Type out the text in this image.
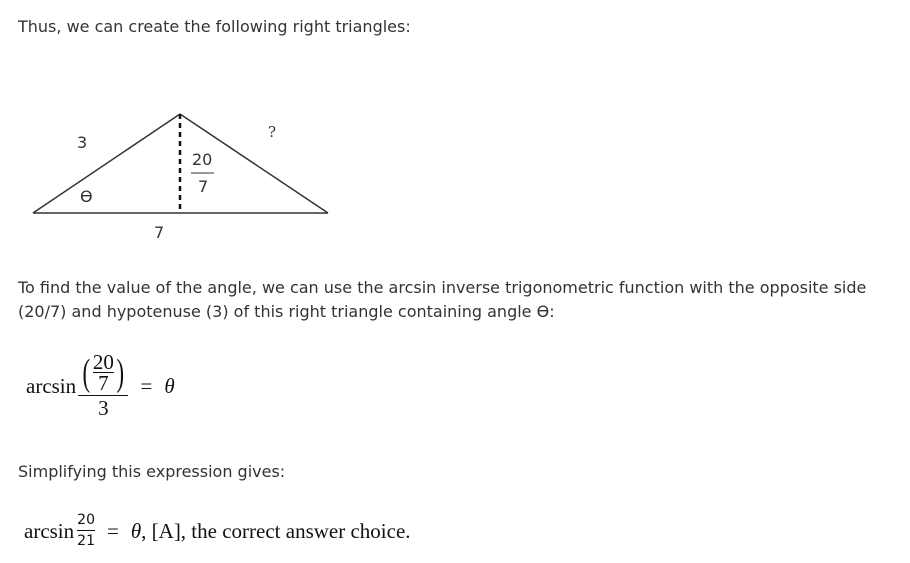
Thus, we can create the following right triangles:

3
ϴ
7
?
20
7

To find the value of the angle, we can use the arcsin inverse trigonometric function with the opposite side (20/7) and hypotenuse (3) of this right triangle containing angle ϴ:

arcsin ( $\frac{20}{7}$ )
3
= θ

Simplifying this expression gives:

$\arcsin \frac{20}{21} = \theta$ , [A], the correct answer choice.
